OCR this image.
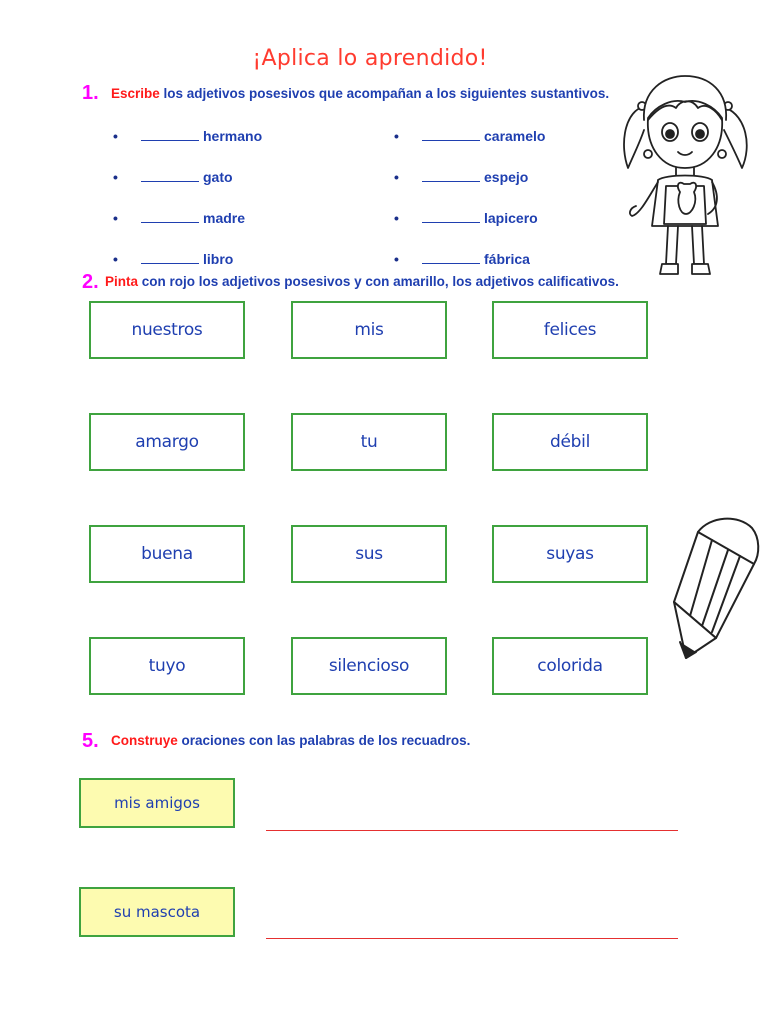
¡Aplica lo aprendido!
1. Escribe los adjetivos posesivos que acompañan a los siguientes sustantivos.
•	hermano
•	gato
•	madre
•	libro
•	caramelo
•	espejo
•	lapicero
•	fábrica
2. Pinta con rojo los adjetivos posesivos y con amarillo, los adjetivos calificativos.
nuestros	mis	felices
amargo	tu	débil
buena	sus	suyas
tuyo	silencioso	colorida
5. Construye oraciones con las palabras de los recuadros.
mis amigos
su mascota
